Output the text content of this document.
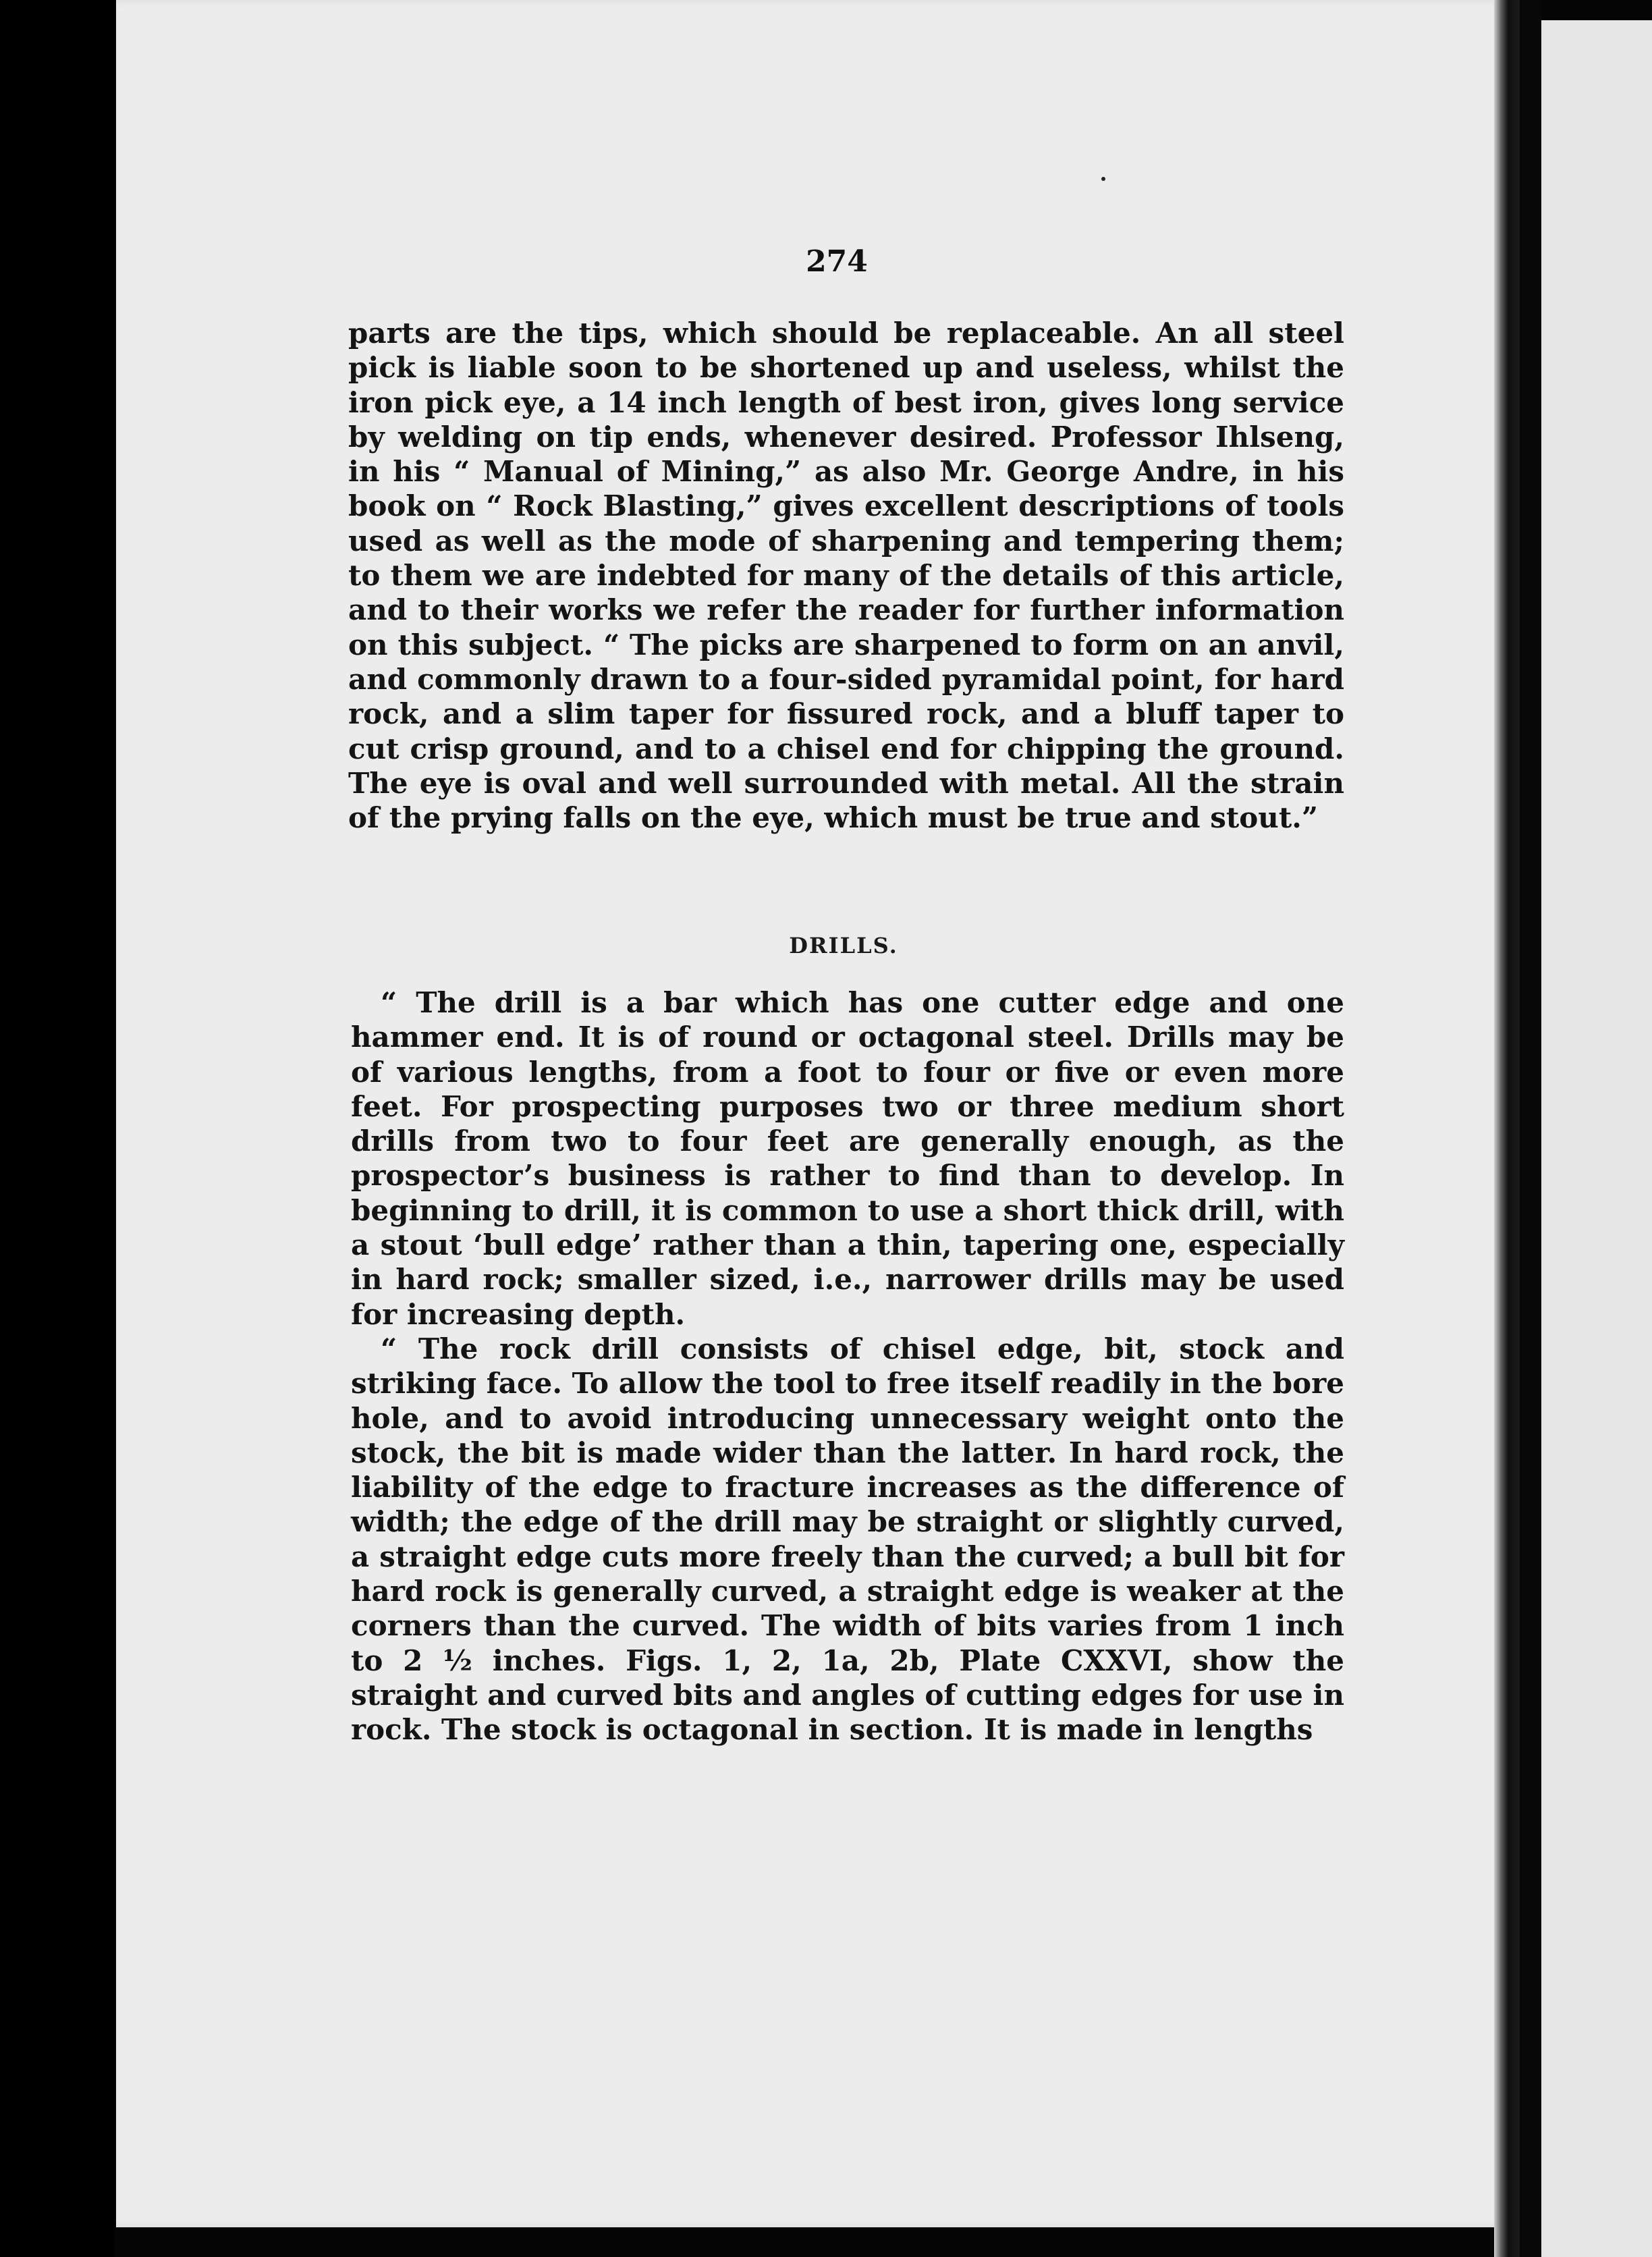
274

parts are the tips, which should be replaceable. An all steel pick is liable soon to be shortened up and useless, whilst the iron pick eye, a 14 inch length of best iron, gives long service by welding on tip ends, whenever desired. Professor Ihlseng, in his “ Manual of Mining,” as also Mr. George Andre, in his book on “ Rock Blasting,” gives excellent descriptions of tools used as well as the mode of sharpening and tempering them; to them we are indebted for many of the details of this article, and to their works we refer the reader for further information on this subject. “ The picks are sharpened to form on an anvil, and commonly drawn to a four-sided pyramidal point, for hard rock, and a slim taper for fissured rock, and a bluff taper to cut crisp ground, and to a chisel end for chipping the ground. The eye is oval and well surrounded with metal. All the strain of the prying falls on the eye, which must be true and stout.”

DRILLS.

“ The drill is a bar which has one cutter edge and one hammer end. It is of round or octagonal steel. Drills may be of various lengths, from a foot to four or five or even more feet. For prospecting purposes two or three medium short drills from two to four feet are generally enough, as the prospector’s business is rather to find than to develop. In beginning to drill, it is common to use a short thick drill, with a stout ‘bull edge’ rather than a thin, tapering one, especially in hard rock; smaller sized, i.e., narrower drills may be used for increasing depth.

“ The rock drill consists of chisel edge, bit, stock and striking face. To allow the tool to free itself readily in the bore hole, and to avoid introducing unnecessary weight onto the stock, the bit is made wider than the latter. In hard rock, the liability of the edge to fracture increases as the difference of width; the edge of the drill may be straight or slightly curved, a straight edge cuts more freely than the curved; a bull bit for hard rock is generally curved, a straight edge is weaker at the corners than the curved. The width of bits varies from 1 inch to 2 ½ inches. Figs. 1, 2, 1a, 2b, Plate CXXVI, show the straight and curved bits and angles of cutting edges for use in rock. The stock is octagonal in section. It is made in lengths
